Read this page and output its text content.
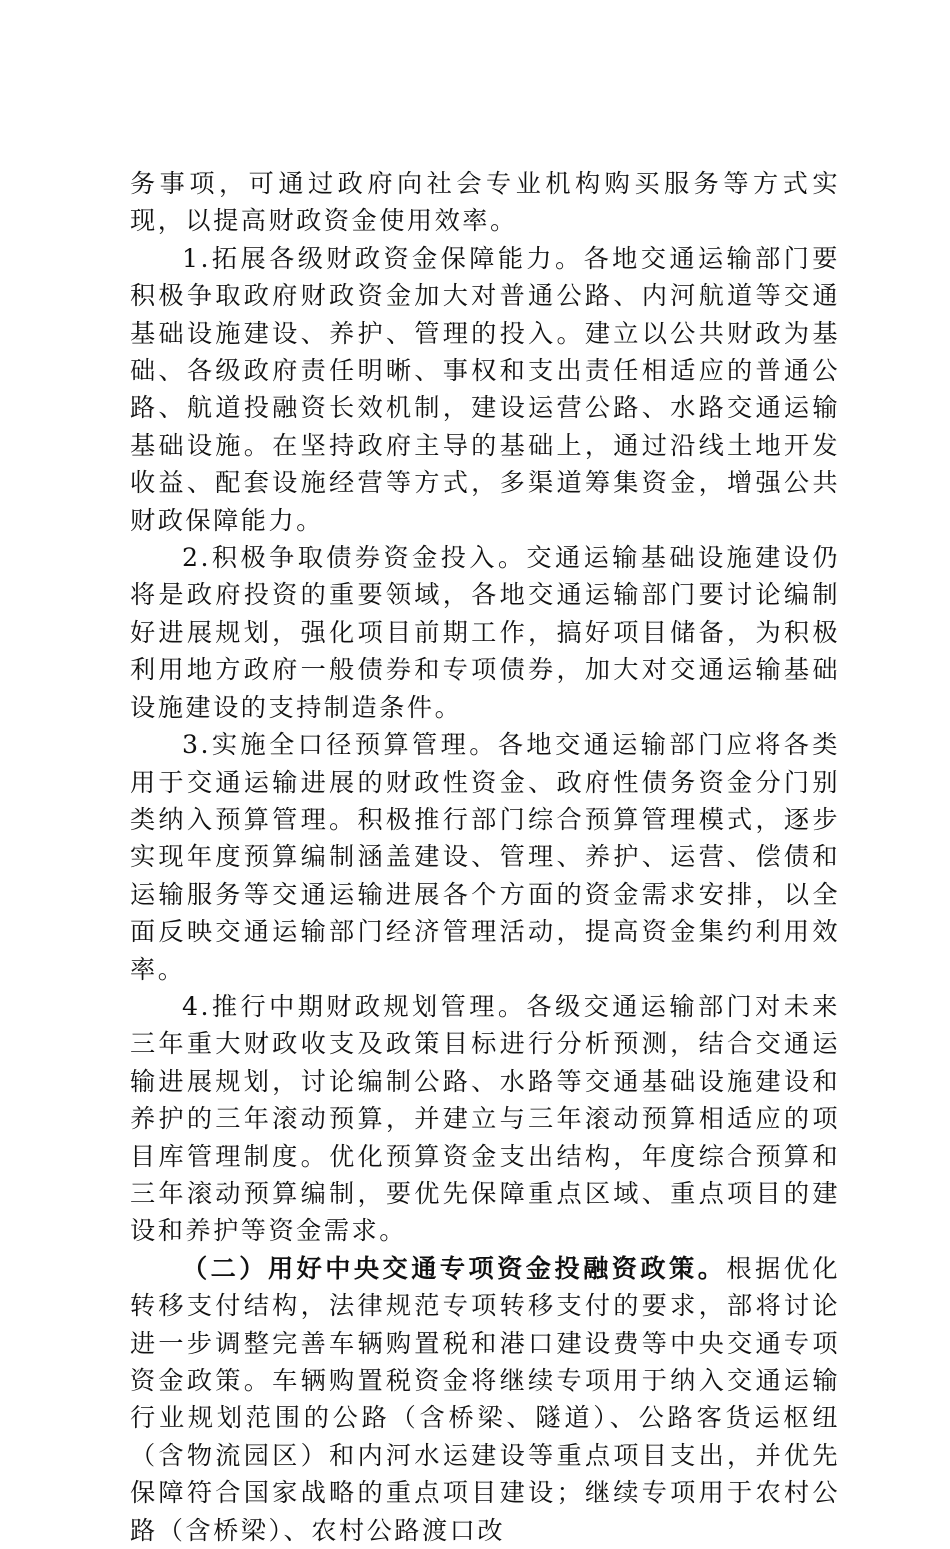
务事项，可通过政府向社会专业机构购买服务等方式实现，以提高财政资金使用效率。

1.拓展各级财政资金保障能力。各地交通运输部门要积极争取政府财政资金加大对普通公路、内河航道等交通基础设施建设、养护、管理的投入。建立以公共财政为基础、各级政府责任明晰、事权和支出责任相适应的普通公路、航道投融资长效机制，建设运营公路、水路交通运输基础设施。在坚持政府主导的基础上，通过沿线土地开发收益、配套设施经营等方式，多渠道筹集资金，增强公共财政保障能力。

2.积极争取债券资金投入。交通运输基础设施建设仍将是政府投资的重要领域，各地交通运输部门要讨论编制好进展规划，强化项目前期工作，搞好项目储备，为积极利用地方政府一般债券和专项债券，加大对交通运输基础设施建设的支持制造条件。

3.实施全口径预算管理。各地交通运输部门应将各类用于交通运输进展的财政性资金、政府性债务资金分门别类纳入预算管理。积极推行部门综合预算管理模式，逐步实现年度预算编制涵盖建设、管理、养护、运营、偿债和运输服务等交通运输进展各个方面的资金需求安排，以全面反映交通运输部门经济管理活动，提高资金集约利用效率。

4.推行中期财政规划管理。各级交通运输部门对未来三年重大财政收支及政策目标进行分析预测，结合交通运输进展规划，讨论编制公路、水路等交通基础设施建设和养护的三年滚动预算，并建立与三年滚动预算相适应的项目库管理制度。优化预算资金支出结构，年度综合预算和三年滚动预算编制，要优先保障重点区域、重点项目的建设和养护等资金需求。

（二）用好中央交通专项资金投融资政策。根据优化转移支付结构，法律规范专项转移支付的要求，部将讨论进一步调整完善车辆购置税和港口建设费等中央交通专项资金政策。车辆购置税资金将继续专项用于纳入交通运输行业规划范围的公路（含桥梁、隧道）、公路客货运枢纽（含物流园区）和内河水运建设等重点项目支出，并优先保障符合国家战略的重点项目建设；继续专项用于农村公路（含桥梁）、农村公路渡口改
